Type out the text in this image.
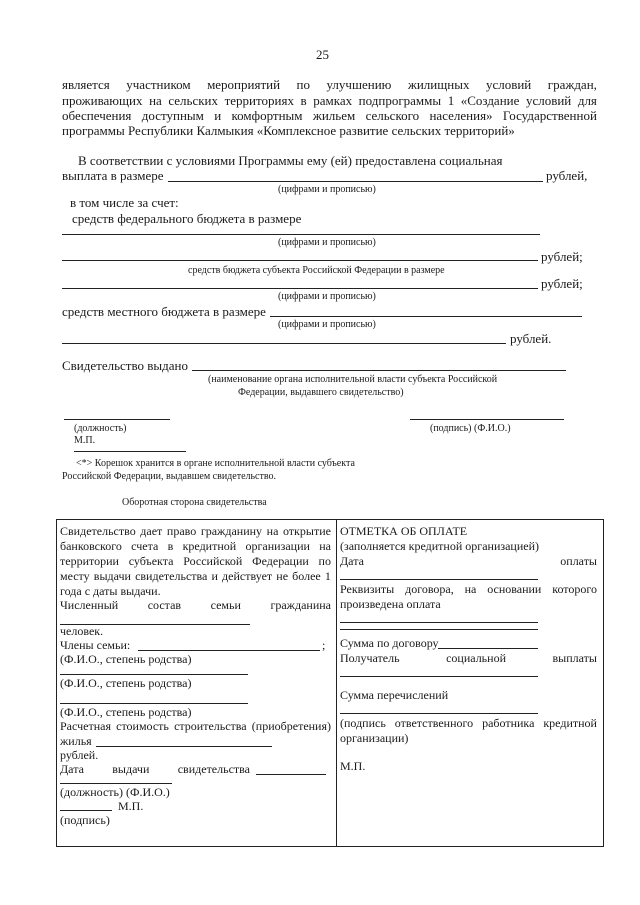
25
является участником мероприятий по улучшению жилищных условий граждан,
проживающих на сельских территориях в рамках подпрограммы 1 «Создание условий для
обеспечения доступным и комфортным жильем сельского населения» Государственной
программы Республики Калмыкия «Комплексное развитие сельских территорий»
В соответствии с условиями Программы ему (ей) предоставлена социальная
выплата в размере	рублей,
(цифрами и прописью)
в том числе за счет:
средств федерального бюджета в размере
(цифрами и прописью)
рублей;
средств бюджета субъекта Российской Федерации в размере
рублей;
(цифрами и прописью)
средств местного бюджета в размере
(цифрами и прописью)
рублей.
Свидетельство выдано
(наименование органа исполнительной власти субъекта Российской
Федерации, выдавшего свидетельство)
(должность)	(подпись) (Ф.И.О.)
М.П.
<*> Корешок хранится в органе исполнительной власти субъекта
Российской Федерации, выдавшем свидетельство.
Оборотная сторона свидетельства
Свидетельство дает право гражданину на открытие
банковского счета в кредитной организации на
территории субъекта Российской Федерации по
месту выдачи свидетельства и действует не более 1
года с даты выдачи.
Численный состав семьи гражданина
человек.
Члены семьи:	;
(Ф.И.О., степень родства)
(Ф.И.О., степень родства)
(Ф.И.О., степень родства)
Расчетная стоимость строительства (приобретения)
жилья
рублей.
Дата выдачи свидетельства
(должность) (Ф.И.О.)
М.П.
(подпись)
ОТМЕТКА ОБ ОПЛАТЕ
(заполняется кредитной организацией)
Дата	оплаты
Реквизиты договора, на основании которого
произведена оплата
Сумма по договору
Получатель	социальной	выплаты
Сумма перечислений
(подпись ответственного работника кредитной
организации)
М.П.
